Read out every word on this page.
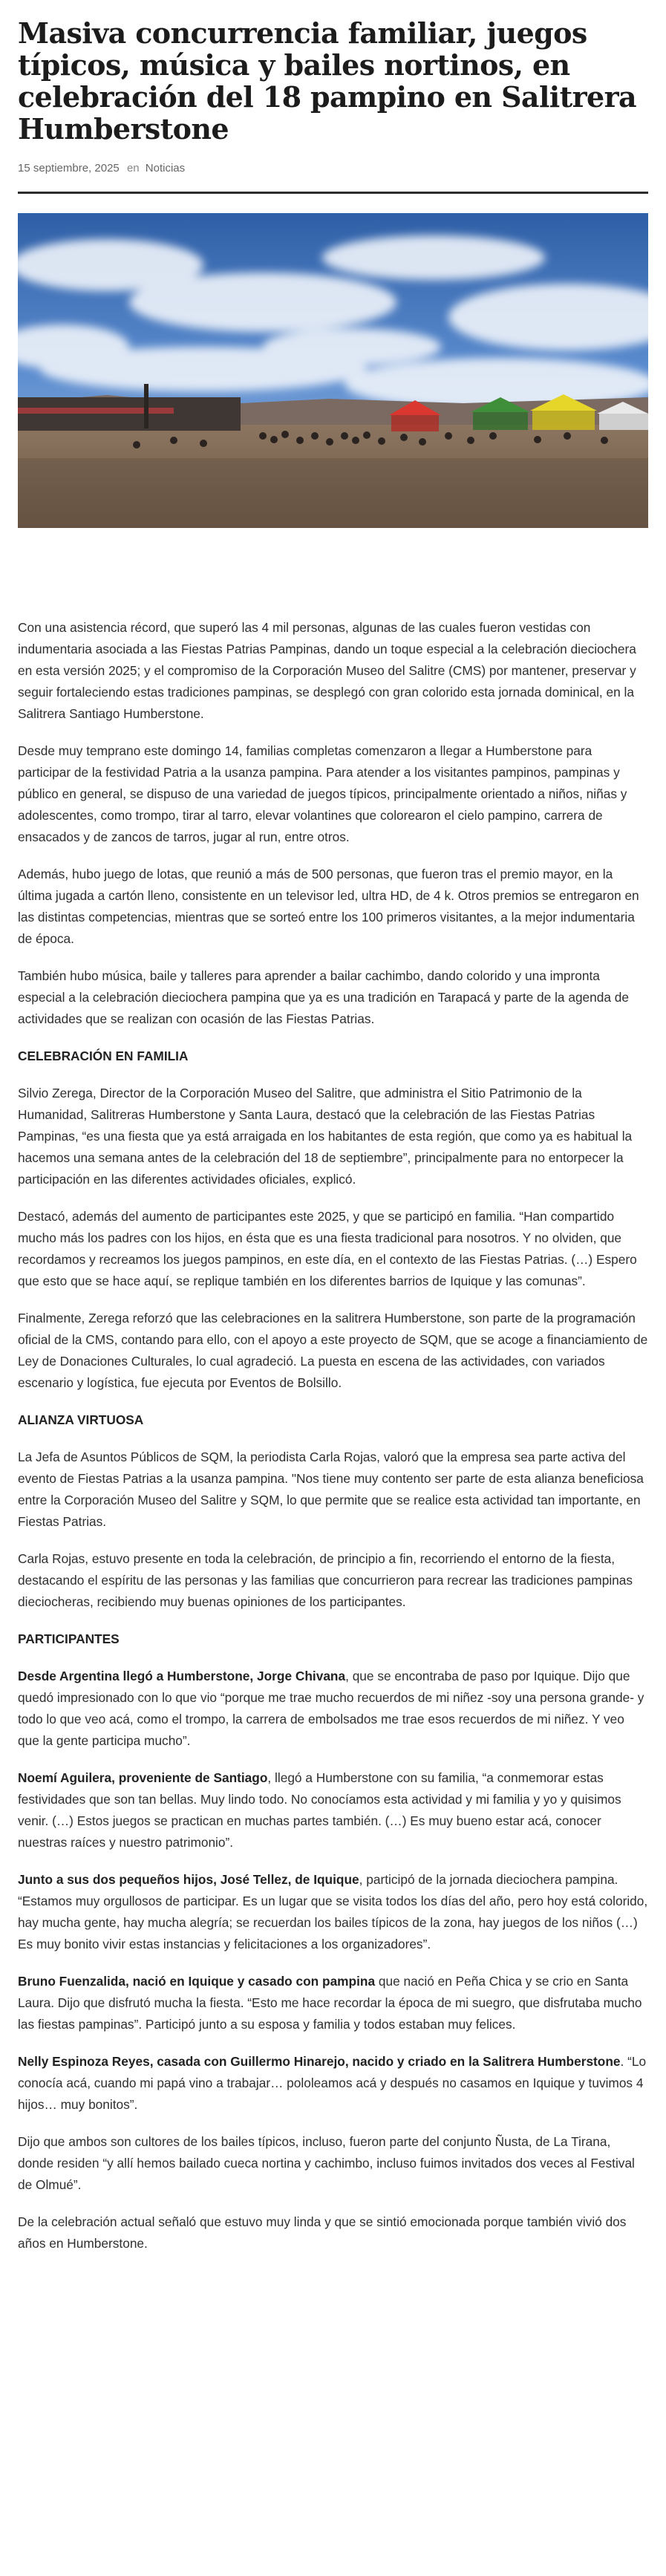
Masiva concurrencia familiar, juegos típicos, música y bailes nortinos, en celebración del 18 pampino en Salitrera Humberstone
15 septiembre, 2025 en Noticias

Con una asistencia récord, que superó las 4 mil personas, algunas de las cuales fueron vestidas con indumentaria asociada a las Fiestas Patrias Pampinas, dando un toque especial a la celebración dieciochera en esta versión 2025; y el compromiso de la Corporación Museo del Salitre (CMS) por mantener, preservar y seguir fortaleciendo estas tradiciones pampinas, se desplegó con gran colorido esta jornada dominical, en la Salitrera Santiago Humberstone.

Desde muy temprano este domingo 14, familias completas comenzaron a llegar a Humberstone para participar de la festividad Patria a la usanza pampina. Para atender a los visitantes pampinos, pampinas y público en general, se dispuso de una variedad de juegos típicos, principalmente orientado a niños, niñas y adolescentes, como trompo, tirar al tarro, elevar volantines que colorearon el cielo pampino, carrera de ensacados y de zancos de tarros, jugar al run, entre otros.

Además, hubo juego de lotas, que reunió a más de 500 personas, que fueron tras el premio mayor, en la última jugada a cartón lleno, consistente en un televisor led, ultra HD, de 4 k. Otros premios se entregaron en las distintas competencias, mientras que se sorteó entre los 100 primeros visitantes, a la mejor indumentaria de época.

También hubo música, baile y talleres para aprender a bailar cachimbo, dando colorido y una impronta especial a la celebración dieciochera pampina que ya es una tradición en Tarapacá y parte de la agenda de actividades que se realizan con ocasión de las Fiestas Patrias.

CELEBRACIÓN EN FAMILIA

Silvio Zerega, Director de la Corporación Museo del Salitre, que administra el Sitio Patrimonio de la Humanidad, Salitreras Humberstone y Santa Laura, destacó que la celebración de las Fiestas Patrias Pampinas, “es una fiesta que ya está arraigada en los habitantes de esta región, que como ya es habitual la hacemos una semana antes de la celebración del 18 de septiembre”, principalmente para no entorpecer la participación en las diferentes actividades oficiales, explicó.

Destacó, además del aumento de participantes este 2025, y que se participó en familia. “Han compartido mucho más los padres con los hijos, en ésta que es una fiesta tradicional para nosotros. Y no olviden, que recordamos y recreamos los juegos pampinos, en este día, en el contexto de las Fiestas Patrias. (…) Espero que esto que se hace aquí, se replique también en los diferentes barrios de Iquique y las comunas”.

Finalmente, Zerega reforzó que las celebraciones en la salitrera Humberstone, son parte de la programación oficial de la CMS, contando para ello, con el apoyo a este proyecto de SQM, que se acoge a financiamiento de Ley de Donaciones Culturales, lo cual agradeció. La puesta en escena de las actividades, con variados escenario y logística, fue ejecuta por Eventos de Bolsillo.

ALIANZA VIRTUOSA

La Jefa de Asuntos Públicos de SQM, la periodista Carla Rojas, valoró que la empresa sea parte activa del evento de Fiestas Patrias a la usanza pampina. "Nos tiene muy contento ser parte de esta alianza beneficiosa entre la Corporación Museo del Salitre y SQM, lo que permite que se realice esta actividad tan importante, en Fiestas Patrias.

Carla Rojas, estuvo presente en toda la celebración, de principio a fin, recorriendo el entorno de la fiesta, destacando el espíritu de las personas y las familias que concurrieron para recrear las tradiciones pampinas dieciocheras, recibiendo muy buenas opiniones de los participantes.

PARTICIPANTES

Desde Argentina llegó a Humberstone, Jorge Chivana, que se encontraba de paso por Iquique. Dijo que quedó impresionado con lo que vio “porque me trae mucho recuerdos de mi niñez -soy una persona grande- y todo lo que veo acá, como el trompo, la carrera de embolsados me trae esos recuerdos de mi niñez. Y veo que la gente participa mucho”.

Noemí Aguilera, proveniente de Santiago, llegó a Humberstone con su familia, “a conmemorar estas festividades que son tan bellas. Muy lindo todo. No conocíamos esta actividad y mi familia y yo y quisimos venir. (…) Estos juegos se practican en muchas partes también. (…) Es muy bueno estar acá, conocer nuestras raíces y nuestro patrimonio”.

Junto a sus dos pequeños hijos, José Tellez, de Iquique, participó de la jornada dieciochera pampina. “Estamos muy orgullosos de participar. Es un lugar que se visita todos los días del año, pero hoy está colorido, hay mucha gente, hay mucha alegría; se recuerdan los bailes típicos de la zona, hay juegos de los niños (…) Es muy bonito vivir estas instancias y felicitaciones a los organizadores”.

Bruno Fuenzalida, nació en Iquique y casado con pampina que nació en Peña Chica y se crio en Santa Laura. Dijo que disfrutó mucha la fiesta. “Esto me hace recordar la época de mi suegro, que disfrutaba mucho las fiestas pampinas”. Participó junto a su esposa y familia y todos estaban muy felices.

Nelly Espinoza Reyes, casada con Guillermo Hinarejo, nacido y criado en la Salitrera Humberstone. “Lo conocía acá, cuando mi papá vino a trabajar… pololeamos acá y después no casamos en Iquique y tuvimos 4 hijos… muy bonitos”.

Dijo que ambos son cultores de los bailes típicos, incluso, fueron parte del conjunto Ñusta, de La Tirana, donde residen “y allí hemos bailado cueca nortina y cachimbo, incluso fuimos invitados dos veces al Festival de Olmué”.

De la celebración actual señaló que estuvo muy linda y que se sintió emocionada porque también vivió dos años en Humberstone.
